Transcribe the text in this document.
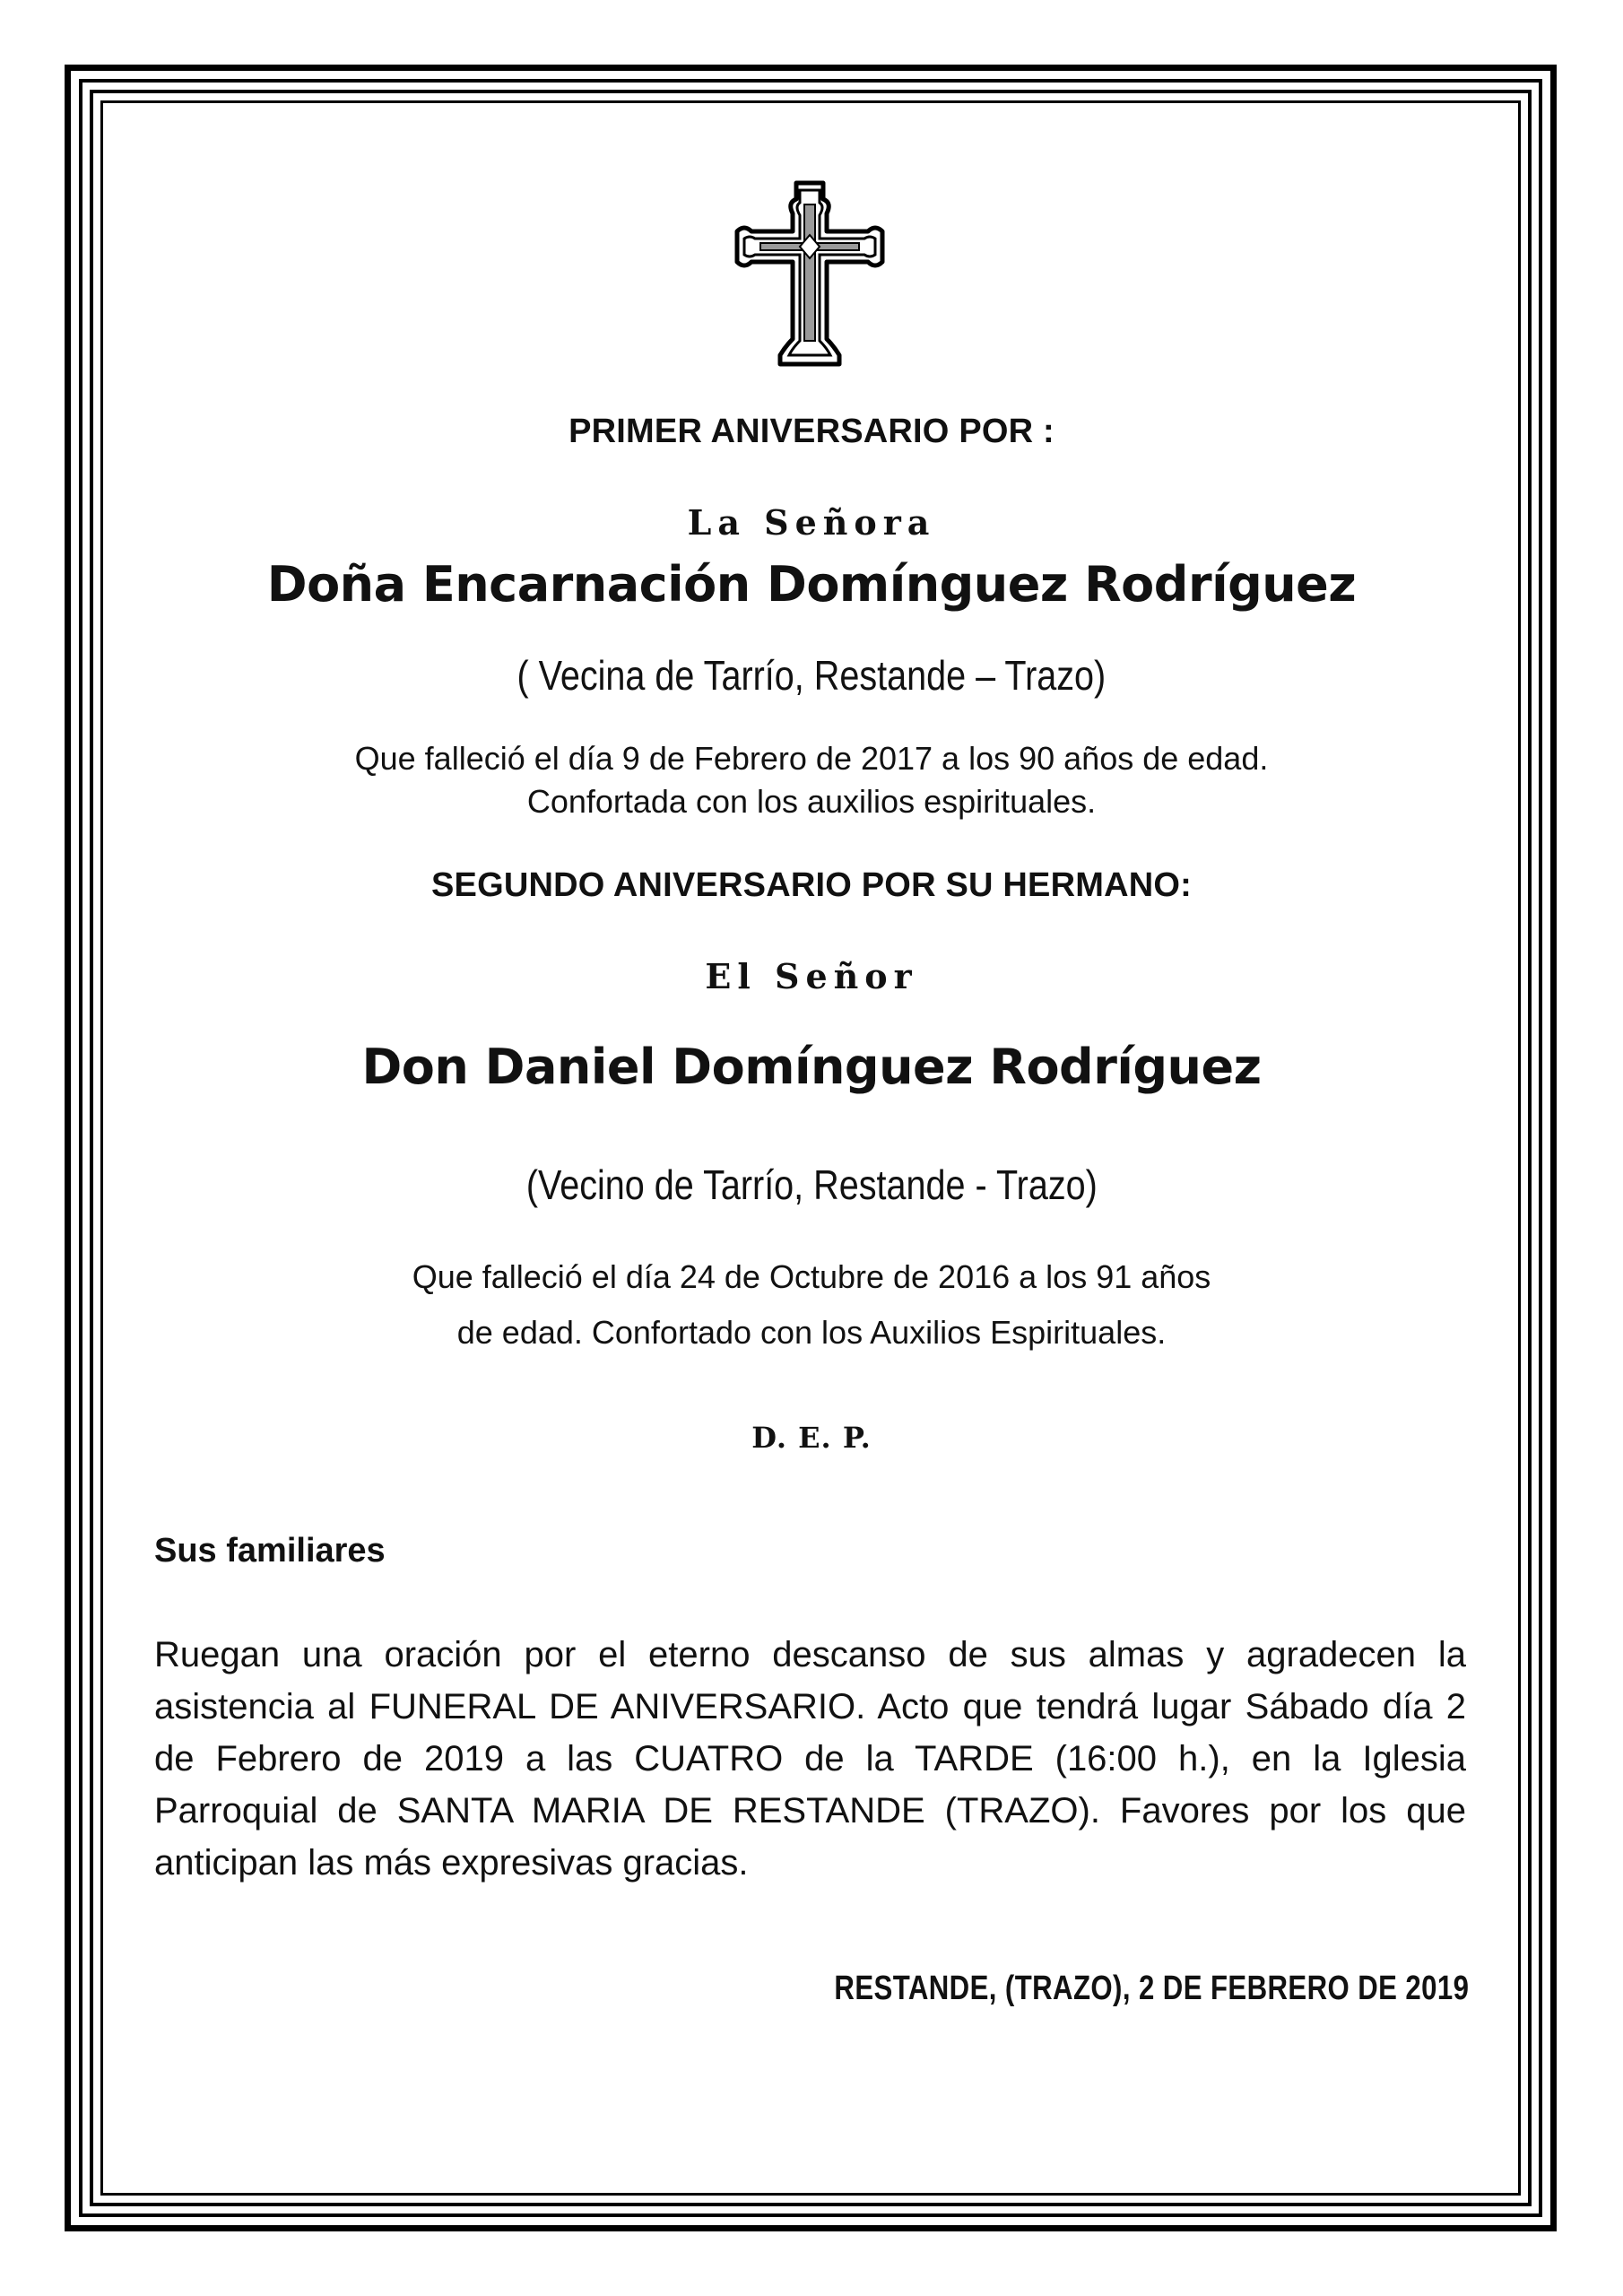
PRIMER ANIVERSARIO POR :
La Señora
Doña Encarnación Domínguez Rodríguez
( Vecina de Tarrío, Restande – Trazo)
Que falleció el día 9 de Febrero de 2017 a los 90 años de edad.
Confortada con los auxilios espirituales.
SEGUNDO ANIVERSARIO POR SU HERMANO:
El Señor
Don Daniel Domínguez Rodríguez
(Vecino de Tarrío, Restande - Trazo)
Que falleció el día 24 de Octubre de 2016 a los 91 años
de edad. Confortado con los Auxilios Espirituales.
D. E. P.
Sus familiares
Ruegan una oración por el eterno descanso de sus almas y agradecen la asistencia al FUNERAL DE ANIVERSARIO. Acto que tendrá lugar Sábado día 2 de Febrero de 2019 a las CUATRO de la TARDE (16:00 h.), en la Iglesia Parroquial de SANTA MARIA DE RESTANDE (TRAZO). Favores por los que anticipan las más expresivas gracias.
RESTANDE, (TRAZO), 2 DE FEBRERO DE 2019
